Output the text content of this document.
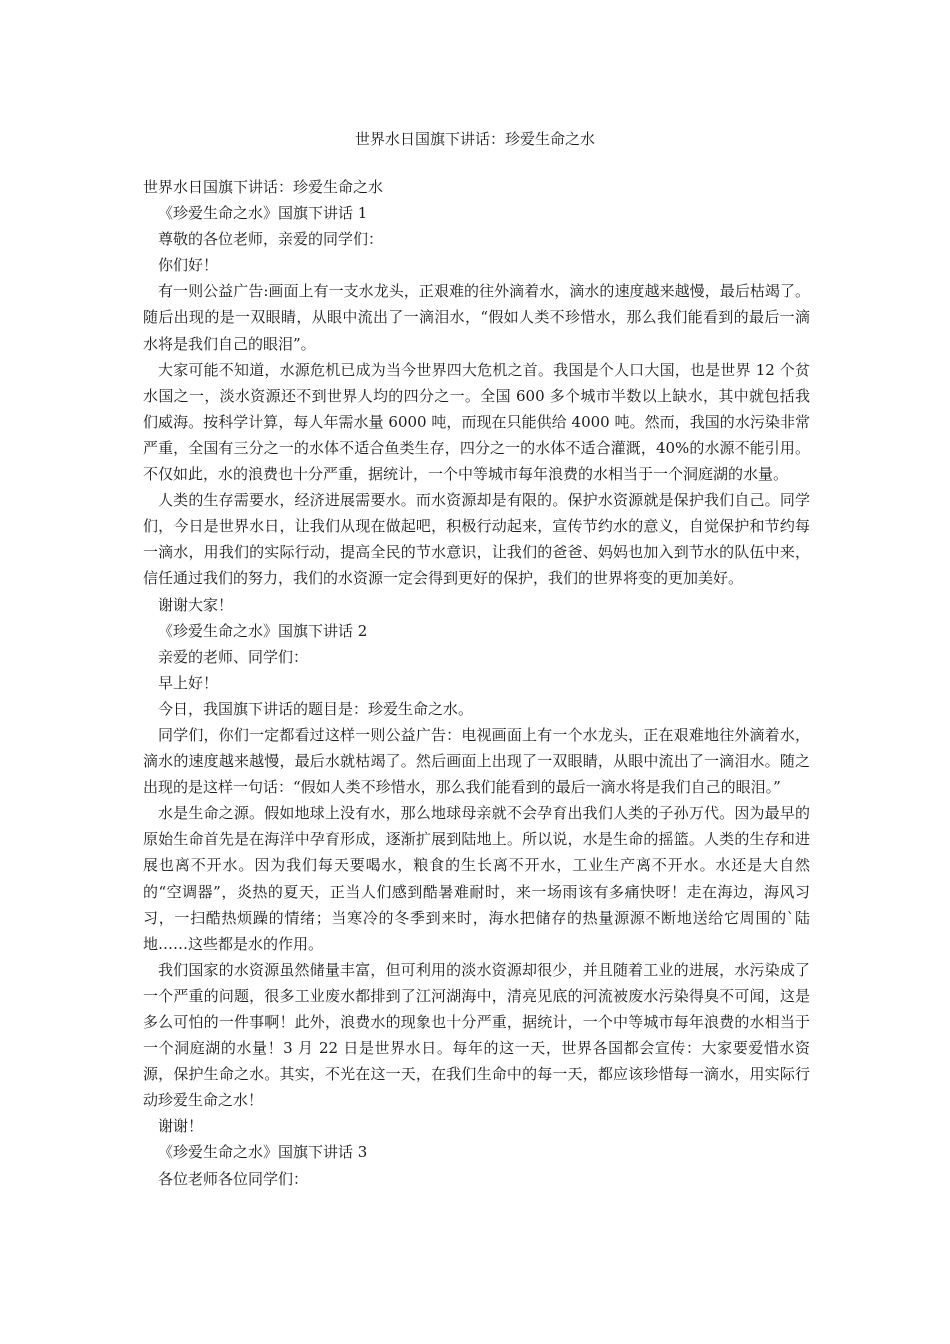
世界水日国旗下讲话：珍爱生命之水

世界水日国旗下讲话：珍爱生命之水

《珍爱生命之水》国旗下讲话 1

尊敬的各位老师，亲爱的同学们：

你们好！

有一则公益广告:画面上有一支水龙头，正艰难的往外滴着水，滴水的速度越来越慢，最后枯竭了。随后出现的是一双眼睛，从眼中流出了一滴泪水，“假如人类不珍惜水，那么我们能看到的最后一滴水将是我们自己的眼泪”。

大家可能不知道，水源危机已成为当今世界四大危机之首。我国是个人口大国，也是世界 12 个贫水国之一，淡水资源还不到世界人均的四分之一。全国 600 多个城市半数以上缺水，其中就包括我们威海。按科学计算，每人年需水量 6000 吨，而现在只能供给 4000 吨。然而，我国的水污染非常严重，全国有三分之一的水体不适合鱼类生存，四分之一的水体不适合灌溉，40%的水源不能引用。不仅如此，水的浪费也十分严重，据统计，一个中等城市每年浪费的水相当于一个洞庭湖的水量。

人类的生存需要水，经济进展需要水。而水资源却是有限的。保护水资源就是保护我们自己。同学们，今日是世界水日，让我们从现在做起吧，积极行动起来，宣传节约水的意义，自觉保护和节约每一滴水，用我们的实际行动，提高全民的节水意识，让我们的爸爸、妈妈也加入到节水的队伍中来，信任通过我们的努力，我们的水资源一定会得到更好的保护，我们的世界将变的更加美好。

谢谢大家！

《珍爱生命之水》国旗下讲话 2

亲爱的老师、同学们：

早上好！

今日，我国旗下讲话的题目是：珍爱生命之水。

同学们，你们一定都看过这样一则公益广告：电视画面上有一个水龙头，正在艰难地往外滴着水，滴水的速度越来越慢，最后水就枯竭了。然后画面上出现了一双眼睛，从眼中流出了一滴泪水。随之出现的是这样一句话：“假如人类不珍惜水，那么我们能看到的最后一滴水将是我们自己的眼泪。”

水是生命之源。假如地球上没有水，那么地球母亲就不会孕育出我们人类的子孙万代。因为最早的原始生命首先是在海洋中孕育形成，逐渐扩展到陆地上。所以说，水是生命的摇篮。人类的生存和进展也离不开水。因为我们每天要喝水，粮食的生长离不开水，工业生产离不开水。水还是大自然的“空调器”，炎热的夏天，正当人们感到酷暑难耐时，来一场雨该有多痛快呀！走在海边，海风习习，一扫酷热烦躁的情绪；当寒冷的冬季到来时，海水把储存的热量源源不断地送给它周围的`陆地……这些都是水的作用。

我们国家的水资源虽然储量丰富，但可利用的淡水资源却很少，并且随着工业的进展，水污染成了一个严重的问题，很多工业废水都排到了江河湖海中，清亮见底的河流被废水污染得臭不可闻，这是多么可怕的一件事啊！此外，浪费水的现象也十分严重，据统计，一个中等城市每年浪费的水相当于一个洞庭湖的水量！3 月 22 日是世界水日。每年的这一天，世界各国都会宣传：大家要爱惜水资源，保护生命之水。其实，不光在这一天，在我们生命中的每一天，都应该珍惜每一滴水，用实际行动珍爱生命之水！

谢谢！

《珍爱生命之水》国旗下讲话 3

各位老师各位同学们：
